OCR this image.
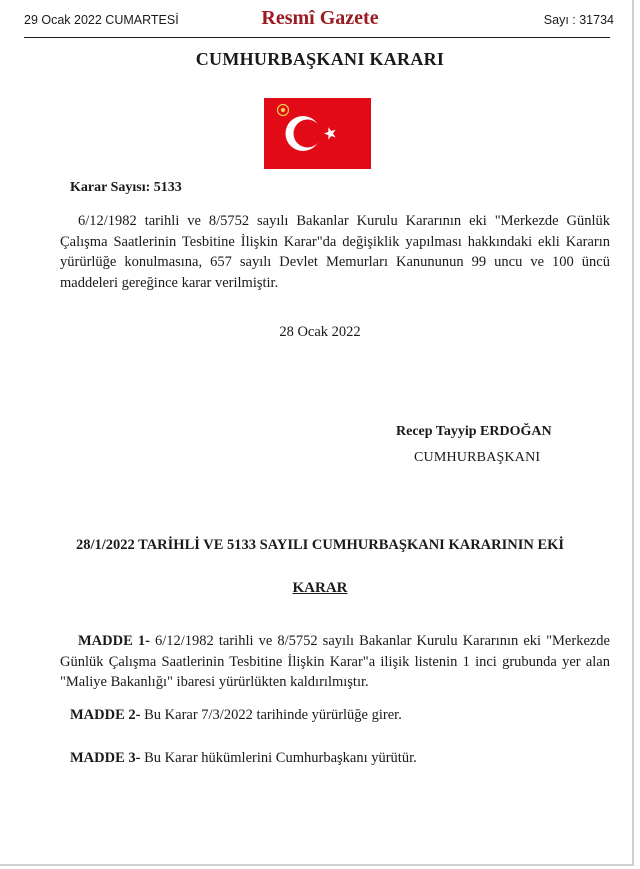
29 Ocak 2022 CUMARTESİ	Resmî Gazete	Sayı : 31734
CUMHURBAŞKANI KARARI
Karar Sayısı: 5133
6/12/1982 tarihli ve 8/5752 sayılı Bakanlar Kurulu Kararının eki "Merkezde Günlük Çalışma Saatlerinin Tesbitine İlişkin Karar"da değişiklik yapılması hakkındaki ekli Kararın yürürlüğe konulmasına, 657 sayılı Devlet Memurları Kanununun 99 uncu ve 100 üncü maddeleri gereğince karar verilmiştir.
28 Ocak 2022
Recep Tayyip ERDOĞAN
CUMHURBAŞKANI
28/1/2022 TARİHLİ VE 5133 SAYILI CUMHURBAŞKANI KARARININ EKİ
KARAR
MADDE 1- 6/12/1982 tarihli ve 8/5752 sayılı Bakanlar Kurulu Kararının eki "Merkezde Günlük Çalışma Saatlerinin Tesbitine İlişkin Karar"a ilişik listenin 1 inci grubunda yer alan "Maliye Bakanlığı" ibaresi yürürlükten kaldırılmıştır.
MADDE 2- Bu Karar 7/3/2022 tarihinde yürürlüğe girer.
MADDE 3- Bu Karar hükümlerini Cumhurbaşkanı yürütür.
